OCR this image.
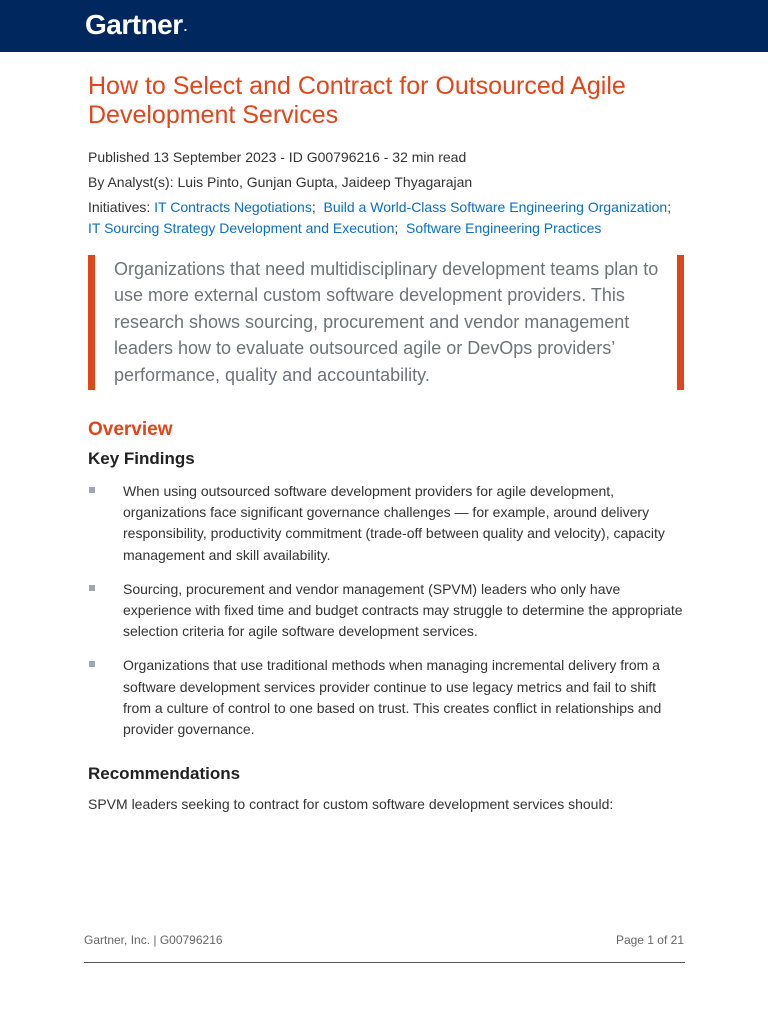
Gartner.
How to Select and Contract for Outsourced Agile Development Services
Published 13 September 2023 - ID G00796216 - 32 min read
By Analyst(s): Luis Pinto, Gunjan Gupta, Jaideep Thyagarajan
Initiatives: IT Contracts Negotiations;  Build a World-Class Software Engineering Organization;  IT Sourcing Strategy Development and Execution;  Software Engineering Practices

Organizations that need multidisciplinary development teams plan to use more external custom software development providers. This research shows sourcing, procurement and vendor management leaders how to evaluate outsourced agile or DevOps providers’ performance, quality and accountability.

Overview
Key Findings
When using outsourced software development providers for agile development, organizations face significant governance challenges — for example, around delivery responsibility, productivity commitment (trade-off between quality and velocity), capacity management and skill availability.
Sourcing, procurement and vendor management (SPVM) leaders who only have experience with fixed time and budget contracts may struggle to determine the appropriate selection criteria for agile software development services.
Organizations that use traditional methods when managing incremental delivery from a software development services provider continue to use legacy metrics and fail to shift from a culture of control to one based on trust. This creates conflict in relationships and provider governance.
Recommendations

SPVM leaders seeking to contract for custom software development services should:

Gartner, Inc. | G00796216	Page 1 of 21
